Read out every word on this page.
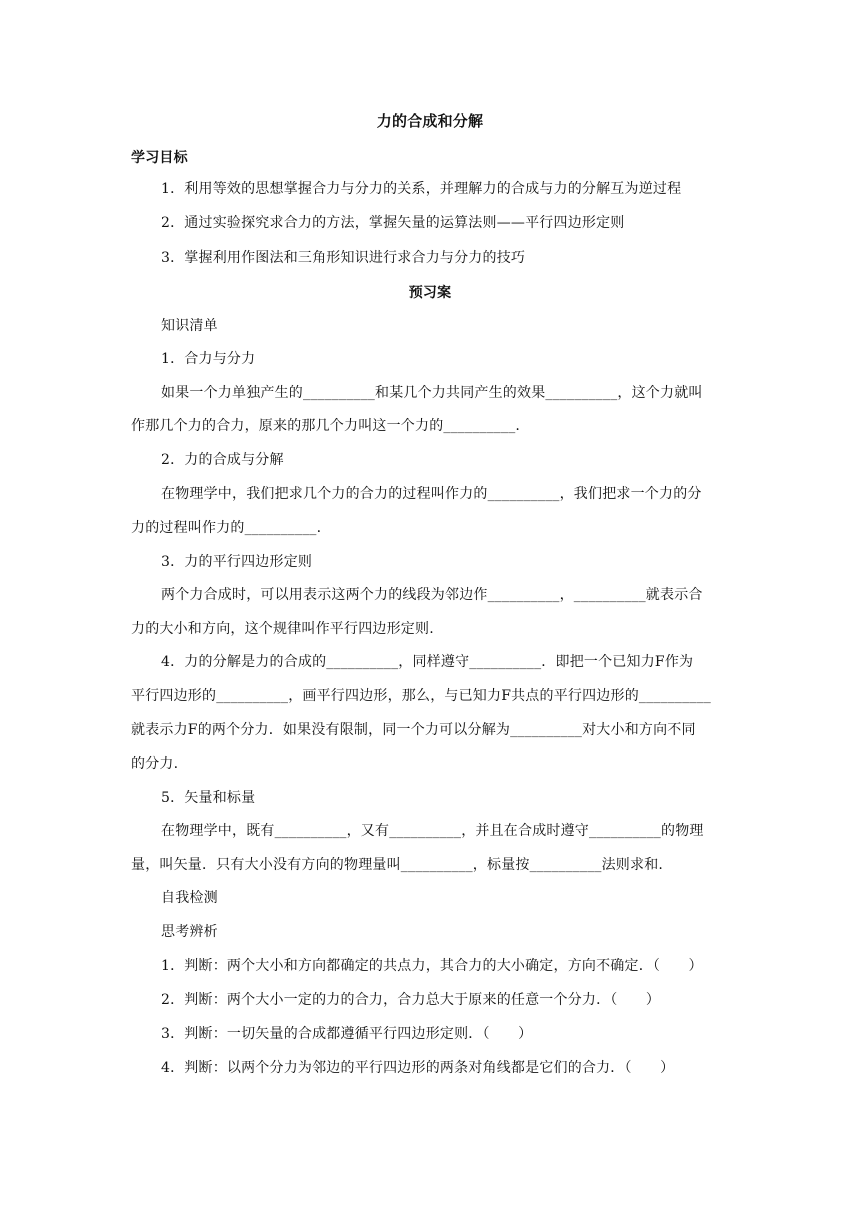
力的合成和分解
学习目标
1．利用等效的思想掌握合力与分力的关系，并理解力的合成与力的分解互为逆过程
2．通过实验探究求合力的方法，掌握矢量的运算法则——平行四边形定则
3．掌握利用作图法和三角形知识进行求合力与分力的技巧
预习案
知识清单
1．合力与分力
如果一个力单独产生的__________和某几个力共同产生的效果__________，这个力就叫
作那几个力的合力，原来的那几个力叫这一个力的__________.
2．力的合成与分解
在物理学中，我们把求几个力的合力的过程叫作力的__________，我们把求一个力的分
力的过程叫作力的__________.
3．力的平行四边形定则
两个力合成时，可以用表示这两个力的线段为邻边作__________，__________就表示合
力的大小和方向，这个规律叫作平行四边形定则.
4．力的分解是力的合成的__________，同样遵守__________．即把一个已知力F作为
平行四边形的__________，画平行四边形，那么，与已知力F共点的平行四边形的__________
就表示力F的两个分力．如果没有限制，同一个力可以分解为__________对大小和方向不同
的分力.
5．矢量和标量
在物理学中，既有__________，又有__________，并且在合成时遵守__________的物理
量，叫矢量．只有大小没有方向的物理量叫__________，标量按__________法则求和.
自我检测
思考辨析
1．判断：两个大小和方向都确定的共点力，其合力的大小确定，方向不确定．（　　）
2．判断：两个大小一定的力的合力，合力总大于原来的任意一个分力．（　　）
3．判断：一切矢量的合成都遵循平行四边形定则．（　　）
4．判断：以两个分力为邻边的平行四边形的两条对角线都是它们的合力．（　　）
